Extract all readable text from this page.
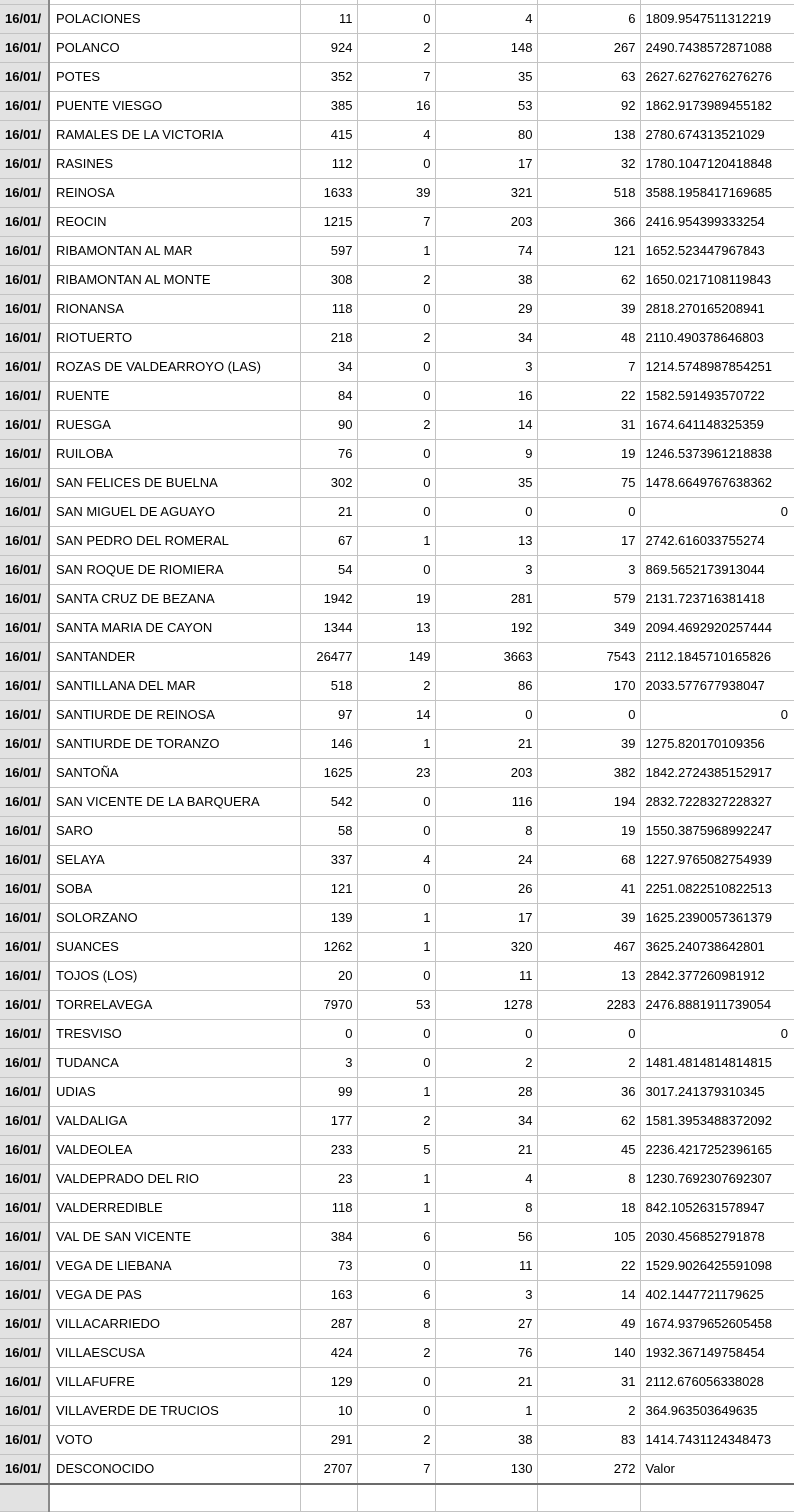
16/01/	POLACIONES	11	0	4	6	1809.9547511312219
16/01/	POLANCO	924	2	148	267	2490.7438572871088
16/01/	POTES	352	7	35	63	2627.6276276276276
16/01/	PUENTE VIESGO	385	16	53	92	1862.9173989455182
16/01/	RAMALES DE LA VICTORIA	415	4	80	138	2780.674313521029
16/01/	RASINES	112	0	17	32	1780.1047120418848
16/01/	REINOSA	1633	39	321	518	3588.1958417169685
16/01/	REOCIN	1215	7	203	366	2416.954399333254
16/01/	RIBAMONTAN AL MAR	597	1	74	121	1652.523447967843
16/01/	RIBAMONTAN AL MONTE	308	2	38	62	1650.0217108119843
16/01/	RIONANSA	118	0	29	39	2818.270165208941
16/01/	RIOTUERTO	218	2	34	48	2110.490378646803
16/01/	ROZAS DE VALDEARROYO (LAS)	34	0	3	7	1214.5748987854251
16/01/	RUENTE	84	0	16	22	1582.591493570722
16/01/	RUESGA	90	2	14	31	1674.641148325359
16/01/	RUILOBA	76	0	9	19	1246.5373961218838
16/01/	SAN FELICES DE BUELNA	302	0	35	75	1478.6649767638362
16/01/	SAN MIGUEL DE AGUAYO	21	0	0	0	0
16/01/	SAN PEDRO DEL ROMERAL	67	1	13	17	2742.616033755274
16/01/	SAN ROQUE DE RIOMIERA	54	0	3	3	869.5652173913044
16/01/	SANTA CRUZ DE BEZANA	1942	19	281	579	2131.723716381418
16/01/	SANTA MARIA DE CAYON	1344	13	192	349	2094.4692920257444
16/01/	SANTANDER	26477	149	3663	7543	2112.1845710165826
16/01/	SANTILLANA DEL MAR	518	2	86	170	2033.577677938047
16/01/	SANTIURDE DE REINOSA	97	14	0	0	0
16/01/	SANTIURDE DE TORANZO	146	1	21	39	1275.820170109356
16/01/	SANTOÑA	1625	23	203	382	1842.2724385152917
16/01/	SAN VICENTE DE LA BARQUERA	542	0	116	194	2832.7228327228327
16/01/	SARO	58	0	8	19	1550.3875968992247
16/01/	SELAYA	337	4	24	68	1227.9765082754939
16/01/	SOBA	121	0	26	41	2251.0822510822513
16/01/	SOLORZANO	139	1	17	39	1625.2390057361379
16/01/	SUANCES	1262	1	320	467	3625.240738642801
16/01/	TOJOS (LOS)	20	0	11	13	2842.377260981912
16/01/	TORRELAVEGA	7970	53	1278	2283	2476.8881911739054
16/01/	TRESVISO	0	0	0	0	0
16/01/	TUDANCA	3	0	2	2	1481.4814814814815
16/01/	UDIAS	99	1	28	36	3017.241379310345
16/01/	VALDALIGA	177	2	34	62	1581.3953488372092
16/01/	VALDEOLEA	233	5	21	45	2236.4217252396165
16/01/	VALDEPRADO DEL RIO	23	1	4	8	1230.7692307692307
16/01/	VALDERREDIBLE	118	1	8	18	842.1052631578947
16/01/	VAL DE SAN VICENTE	384	6	56	105	2030.456852791878
16/01/	VEGA DE LIEBANA	73	0	11	22	1529.9026425591098
16/01/	VEGA DE PAS	163	6	3	14	402.1447721179625
16/01/	VILLACARRIEDO	287	8	27	49	1674.9379652605458
16/01/	VILLAESCUSA	424	2	76	140	1932.367149758454
16/01/	VILLAFUFRE	129	0	21	31	2112.676056338028
16/01/	VILLAVERDE DE TRUCIOS	10	0	1	2	364.963503649635
16/01/	VOTO	291	2	38	83	1414.7431124348473
16/01/	DESCONOCIDO	2707	7	130	272	Valor
